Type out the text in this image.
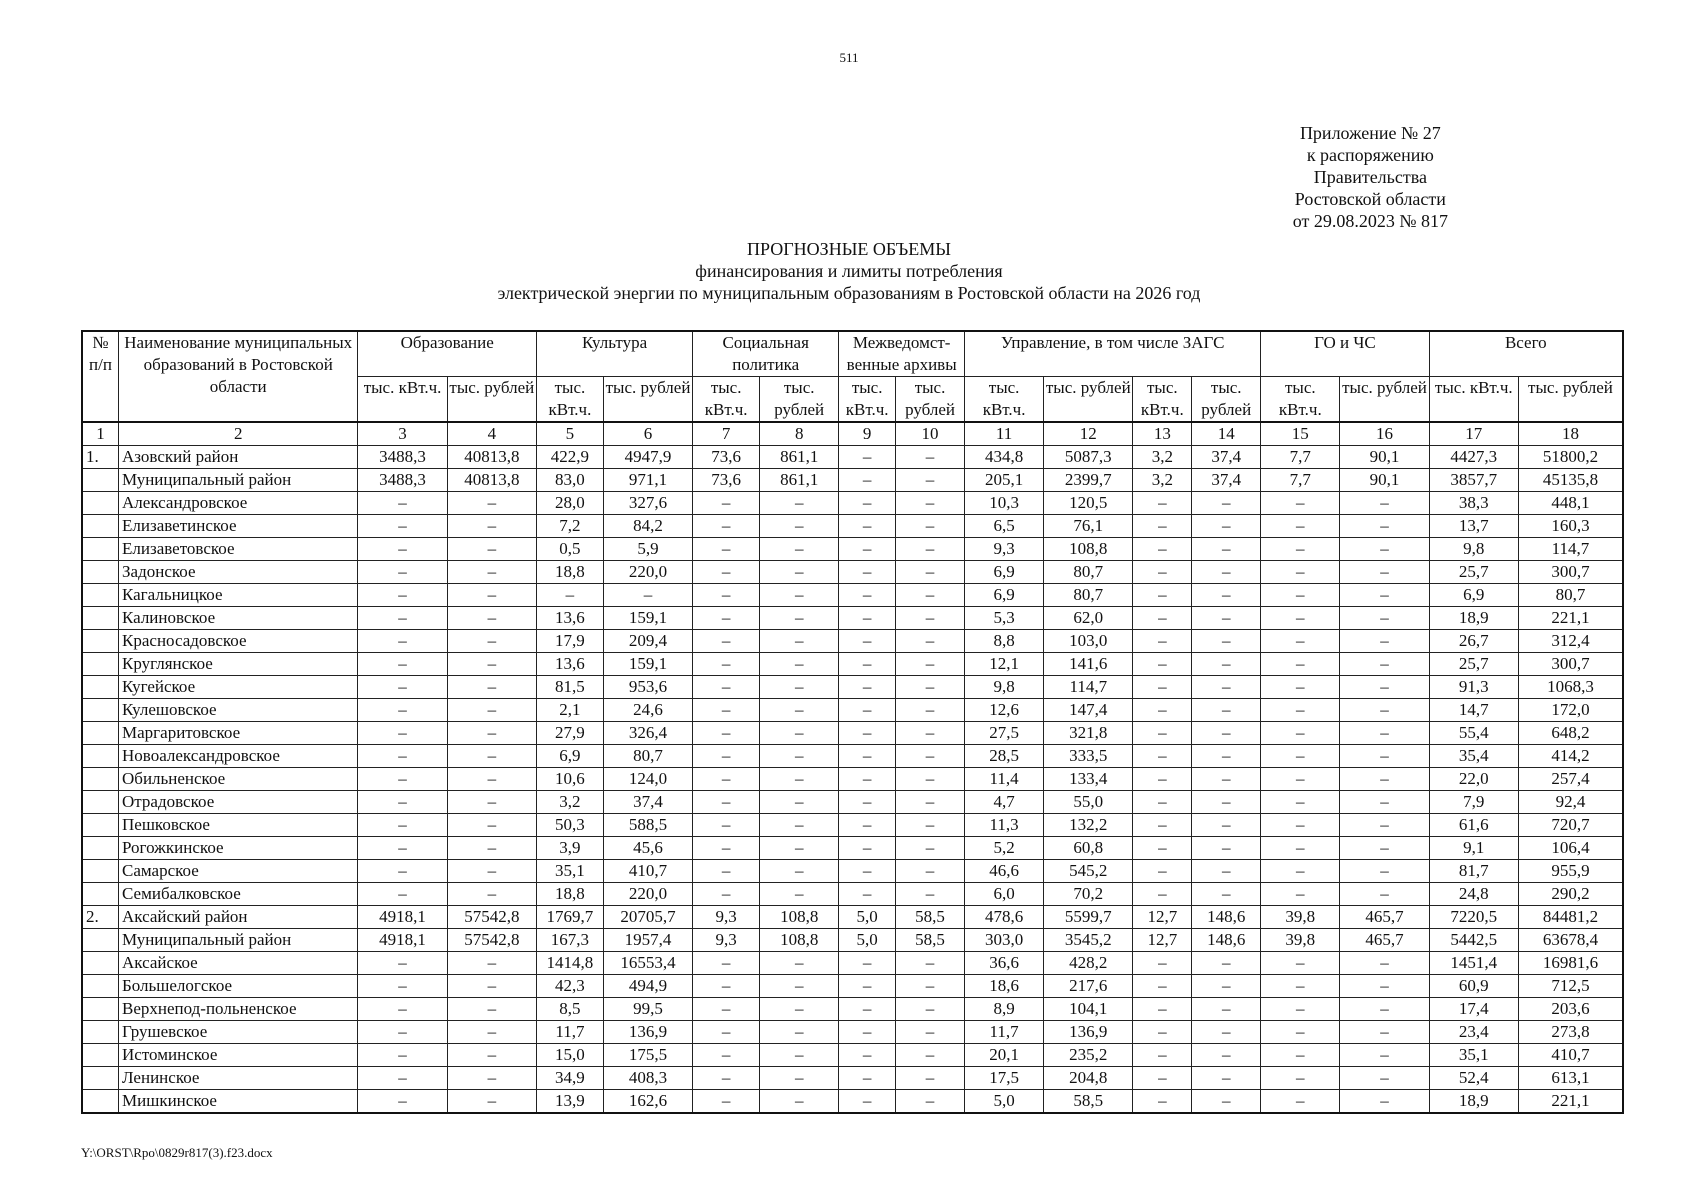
511
Приложение № 27
к распоряжению
Правительства
Ростовской области
от 29.08.2023 № 817
ПРОГНОЗНЫЕ ОБЪЕМЫ
финансирования и лимиты потребления
электрической энергии по муниципальным образованиям в Ростовской области на 2026 год
№ п/п	Наименование муниципальных образований в Ростовской области	Образование		Культура		Социальная политика		Межведомст-венные архивы		Управление, в том числе ЗАГС				ГО и ЧС		Всего	
		тыс. кВт.ч.	тыс. рублей	тыс. кВт.ч.	тыс. рублей	тыс. кВт.ч.	тыс. рублей	тыс. кВт.ч.	тыс. рублей	тыс. кВт.ч.	тыс. рублей	тыс. кВт.ч.	тыс. рублей	тыс. кВт.ч.	тыс. рублей	тыс. кВт.ч.	тыс. рублей
1	2	3	4	5	6	7	8	9	10	11	12	13	14	15	16	17	18
1.	Азовский район	3488,3	40813,8	422,9	4947,9	73,6	861,1	–	–	434,8	5087,3	3,2	37,4	7,7	90,1	4427,3	51800,2
	Муниципальный район	3488,3	40813,8	83,0	971,1	73,6	861,1	–	–	205,1	2399,7	3,2	37,4	7,7	90,1	3857,7	45135,8
	Александровское	–	–	28,0	327,6	–	–	–	–	10,3	120,5	–	–	–	–	38,3	448,1
	Елизаветинское	–	–	7,2	84,2	–	–	–	–	6,5	76,1	–	–	–	–	13,7	160,3
	Елизаветовское	–	–	0,5	5,9	–	–	–	–	9,3	108,8	–	–	–	–	9,8	114,7
	Задонское	–	–	18,8	220,0	–	–	–	–	6,9	80,7	–	–	–	–	25,7	300,7
	Кагальницкое	–	–	–	–	–	–	–	–	6,9	80,7	–	–	–	–	6,9	80,7
	Калиновское	–	–	13,6	159,1	–	–	–	–	5,3	62,0	–	–	–	–	18,9	221,1
	Красносадовское	–	–	17,9	209,4	–	–	–	–	8,8	103,0	–	–	–	–	26,7	312,4
	Круглянское	–	–	13,6	159,1	–	–	–	–	12,1	141,6	–	–	–	–	25,7	300,7
	Кугейское	–	–	81,5	953,6	–	–	–	–	9,8	114,7	–	–	–	–	91,3	1068,3
	Кулешовское	–	–	2,1	24,6	–	–	–	–	12,6	147,4	–	–	–	–	14,7	172,0
	Маргаритовское	–	–	27,9	326,4	–	–	–	–	27,5	321,8	–	–	–	–	55,4	648,2
	Новоалександровское	–	–	6,9	80,7	–	–	–	–	28,5	333,5	–	–	–	–	35,4	414,2
	Обильненское	–	–	10,6	124,0	–	–	–	–	11,4	133,4	–	–	–	–	22,0	257,4
	Отрадовское	–	–	3,2	37,4	–	–	–	–	4,7	55,0	–	–	–	–	7,9	92,4
	Пешковское	–	–	50,3	588,5	–	–	–	–	11,3	132,2	–	–	–	–	61,6	720,7
	Рогожкинское	–	–	3,9	45,6	–	–	–	–	5,2	60,8	–	–	–	–	9,1	106,4
	Самарское	–	–	35,1	410,7	–	–	–	–	46,6	545,2	–	–	–	–	81,7	955,9
	Семибалковское	–	–	18,8	220,0	–	–	–	–	6,0	70,2	–	–	–	–	24,8	290,2
2.	Аксайский район	4918,1	57542,8	1769,7	20705,7	9,3	108,8	5,0	58,5	478,6	5599,7	12,7	148,6	39,8	465,7	7220,5	84481,2
	Муниципальный район	4918,1	57542,8	167,3	1957,4	9,3	108,8	5,0	58,5	303,0	3545,2	12,7	148,6	39,8	465,7	5442,5	63678,4
	Аксайское	–	–	1414,8	16553,4	–	–	–	–	36,6	428,2	–	–	–	–	1451,4	16981,6
	Большелогское	–	–	42,3	494,9	–	–	–	–	18,6	217,6	–	–	–	–	60,9	712,5
	Верхнепод-польненское	–	–	8,5	99,5	–	–	–	–	8,9	104,1	–	–	–	–	17,4	203,6
	Грушевское	–	–	11,7	136,9	–	–	–	–	11,7	136,9	–	–	–	–	23,4	273,8
	Истоминское	–	–	15,0	175,5	–	–	–	–	20,1	235,2	–	–	–	–	35,1	410,7
	Ленинское	–	–	34,9	408,3	–	–	–	–	17,5	204,8	–	–	–	–	52,4	613,1
	Мишкинское	–	–	13,9	162,6	–	–	–	–	5,0	58,5	–	–	–	–	18,9	221,1
Y:\ORST\Rpo\0829r817(3).f23.docx
